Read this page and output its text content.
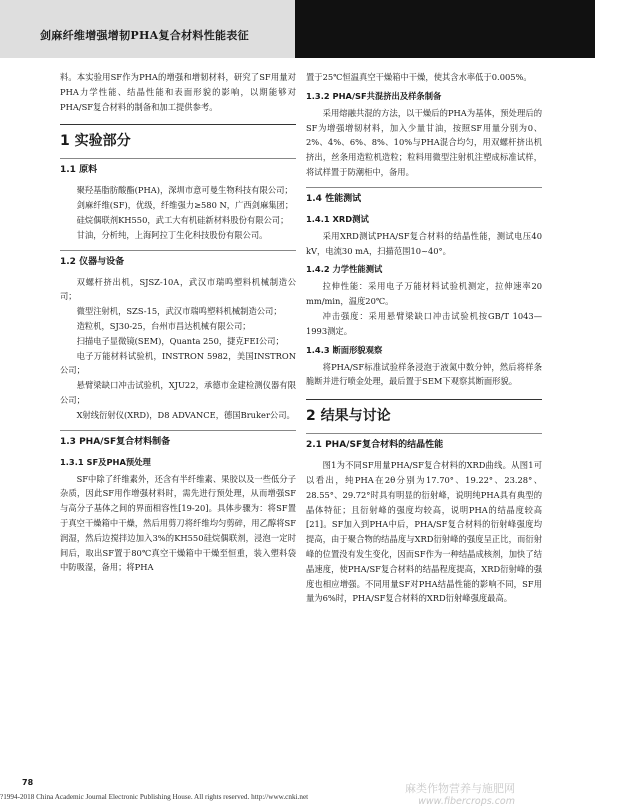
剑麻纤维增强增韧PHA复合材料性能表征	塑料科技

料。本实验用SF作为PHA的增强和增韧材料，研究了SF用量对PHA力学性能、结晶性能和表面形貌的影响，以期能够对PHA/SF复合材料的制备和加工提供参考。

1 实验部分
1.1 原料

聚羟基脂肪酸酯(PHA)，深圳市意可曼生物科技有限公司；

剑麻纤维(SF)，优级，纤维强力≥580 N，广西剑麻集团；

硅烷偶联剂KH550，武工大有机硅新材料股份有限公司；

甘油，分析纯，上海阿拉丁生化科技股份有限公司。

1.2 仪器与设备

双螺杆挤出机，SJSZ-10A，武汉市瑞鸣塑料机械制造公司；

微型注射机，SZS-15，武汉市瑞鸣塑料机械制造公司；

造粒机，SJ30-25，台州市昌达机械有限公司；

扫描电子显微镜(SEM)，Quanta 250，捷克FEI公司；

电子万能材料试验机，INSTRON 5982，美国INSTRON公司；

悬臂梁缺口冲击试验机，XJU22，承德市金建检测仪器有限公司；

X射线衍射仪(XRD)，D8 ADVANCE，德国Bruker公司。

1.3 PHA/SF复合材料制备
1.3.1 SF及PHA预处理

SF中除了纤维素外，还含有半纤维素、果胶以及一些低分子杂质，因此SF用作增强材料时，需先进行预处理，从而增强SF与高分子基体之间的界面相容性[19-20]。具体步骤为：将SF置于真空干燥箱中干燥，然后用剪刀将纤维均匀剪碎，用乙醇将SF润湿，然后边搅拌边加入3%的KH550硅烷偶联剂，浸泡一定时间后，取出SF置于80℃真空干燥箱中干燥至恒重，装入塑料袋中防吸湿，备用；将PHA

置于25℃恒温真空干燥箱中干燥，使其含水率低于0.005%。

1.3.2 PHA/SF共混挤出及样条制备

采用熔融共混的方法，以干燥后的PHA为基体，预处理后的SF为增强增韧材料，加入少量甘油，按照SF用量分别为0、2%、4%、6%、8%、10%与PHA混合均匀，用双螺杆挤出机挤出，丝条用造粒机造粒；粒料用微型注射机注塑成标准试样，将试样置于防潮柜中，备用。

1.4 性能测试
1.4.1 XRD测试

采用XRD测试PHA/SF复合材料的结晶性能，测试电压40 kV，电流30 mA，扫描范围10~40°。

1.4.2 力学性能测试

拉伸性能：采用电子万能材料试验机测定，拉伸速率20 mm/min，温度20℃。

冲击强度：采用悬臂梁缺口冲击试验机按GB/T 1043—1993测定。

1.4.3 断面形貌观察

将PHA/SF标准试验样条浸泡于液氮中数分钟，然后将样条脆断并进行喷金处理，最后置于SEM下观察其断面形貌。

2 结果与讨论
2.1 PHA/SF复合材料的结晶性能

图1为不同SF用量PHA/SF复合材料的XRD曲线。从图1可以看出，纯PHA在2θ分别为17.70°、19.22°、23.28°、28.55°、29.72°时具有明显的衍射峰，说明纯PHA具有典型的晶体特征；且衍射峰的强度均较高，说明PHA的结晶度较高[21]。SF加入到PHA中后，PHA/SF复合材料的衍射峰强度均提高，由于聚合物的结晶度与XRD衍射峰的强度呈正比，而衍射峰的位置没有发生变化，因而SF作为一种结晶成核剂，加快了结晶速度，使PHA/SF复合材料的结晶程度提高，XRD衍射峰的强度也相应增强。不同用量SF对PHA结晶性能的影响不同，SF用量为6%时，PHA/SF复合材料的XRD衍射峰强度最高。

78
?1994-2018 China Academic Journal Electronic Publishing House. All rights reserved. http://www.cnki.net
麻类作物营养与施肥网
www.fibercrops.com
